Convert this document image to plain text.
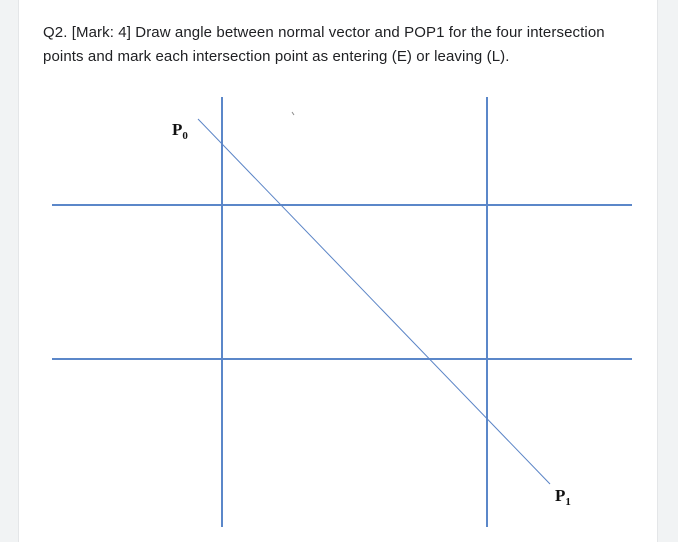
Q2. [Mark: 4] Draw angle between normal vector and POP1 for the four intersection points and mark each intersection point as entering (E) or leaving (L).

$P_0$
$P_1$
